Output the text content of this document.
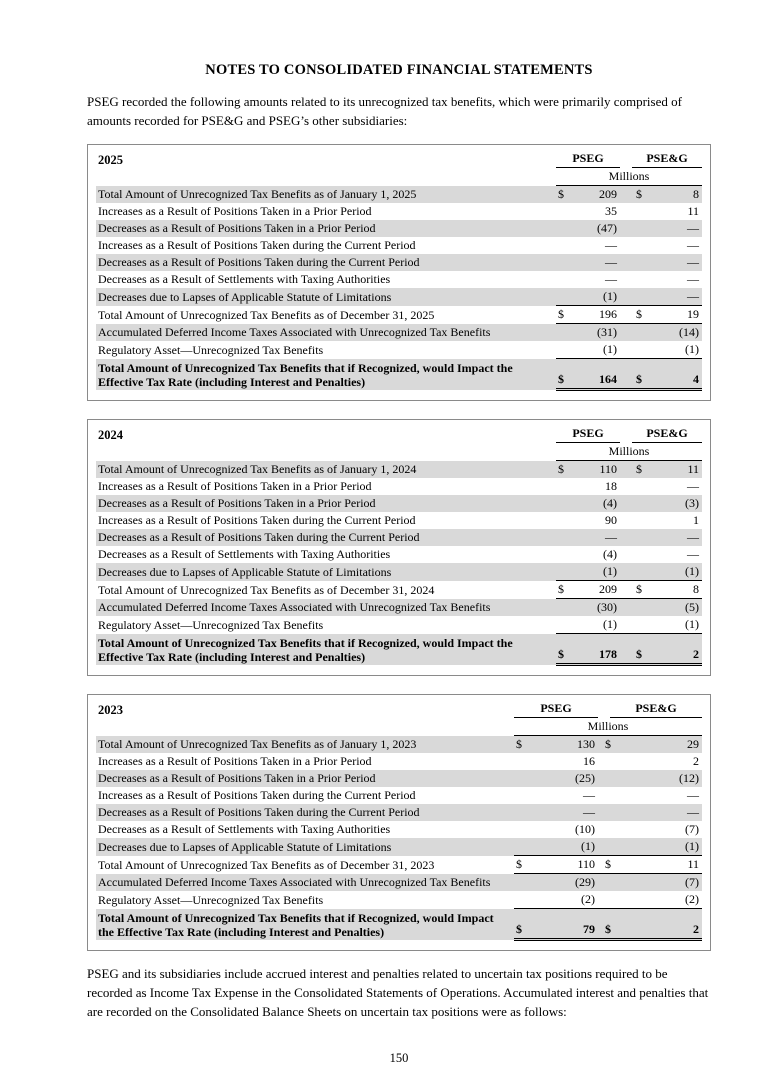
NOTES TO CONSOLIDATED FINANCIAL STATEMENTS

PSEG recorded the following amounts related to its unrecognized tax benefits, which were primarily comprised of amounts recorded for PSE&G and PSEG’s other subsidiaries:

2025	PSEG		PSE&G	

	Millions			
Total Amount of Unrecognized Tax Benefits as of January 1, 2025	$	209	$	8
Increases as a Result of Positions Taken in a Prior Period		35		11
Decreases as a Result of Positions Taken in a Prior Period		(47)		—
Increases as a Result of Positions Taken during the Current Period		—		—
Decreases as a Result of Positions Taken during the Current Period		—		—
Decreases as a Result of Settlements with Taxing Authorities		—		—
Decreases due to Lapses of Applicable Statute of Limitations		(1)		—
Total Amount of Unrecognized Tax Benefits as of December 31, 2025	$	196	$	19
Accumulated Deferred Income Taxes Associated with Unrecognized Tax Benefits		(31)		(14)
Regulatory Asset—Unrecognized Tax Benefits		(1)		(1)
Total Amount of Unrecognized Tax Benefits that if Recognized, would Impact the Effective Tax Rate (including Interest and Penalties)	$	164	$	4
2024	PSEG		PSE&G	

	Millions			
Total Amount of Unrecognized Tax Benefits as of January 1, 2024	$	110	$	11
Increases as a Result of Positions Taken in a Prior Period		18		—
Decreases as a Result of Positions Taken in a Prior Period		(4)		(3)
Increases as a Result of Positions Taken during the Current Period		90		1
Decreases as a Result of Positions Taken during the Current Period		—		—
Decreases as a Result of Settlements with Taxing Authorities		(4)		—
Decreases due to Lapses of Applicable Statute of Limitations		(1)		(1)
Total Amount of Unrecognized Tax Benefits as of December 31, 2024	$	209	$	8
Accumulated Deferred Income Taxes Associated with Unrecognized Tax Benefits		(30)		(5)
Regulatory Asset—Unrecognized Tax Benefits		(1)		(1)
Total Amount of Unrecognized Tax Benefits that if Recognized, would Impact the Effective Tax Rate (including Interest and Penalties)	$	178	$	2
2023	PSEG		PSE&G	

	Millions			
Total Amount of Unrecognized Tax Benefits as of January 1, 2023	$	130	$	29
Increases as a Result of Positions Taken in a Prior Period		16		2
Decreases as a Result of Positions Taken in a Prior Period		(25)		(12)
Increases as a Result of Positions Taken during the Current Period		—		—
Decreases as a Result of Positions Taken during the Current Period		—		—
Decreases as a Result of Settlements with Taxing Authorities		(10)		(7)
Decreases due to Lapses of Applicable Statute of Limitations		(1)		(1)
Total Amount of Unrecognized Tax Benefits as of December 31, 2023	$	110	$	11
Accumulated Deferred Income Taxes Associated with Unrecognized Tax Benefits		(29)		(7)
Regulatory Asset—Unrecognized Tax Benefits		(2)		(2)
Total Amount of Unrecognized Tax Benefits that if Recognized, would Impact the Effective Tax Rate (including Interest and Penalties)	$	79	$	2

PSEG and its subsidiaries include accrued interest and penalties related to uncertain tax positions required to be recorded as Income Tax Expense in the Consolidated Statements of Operations. Accumulated interest and penalties that are recorded on the Consolidated Balance Sheets on uncertain tax positions were as follows:

150
